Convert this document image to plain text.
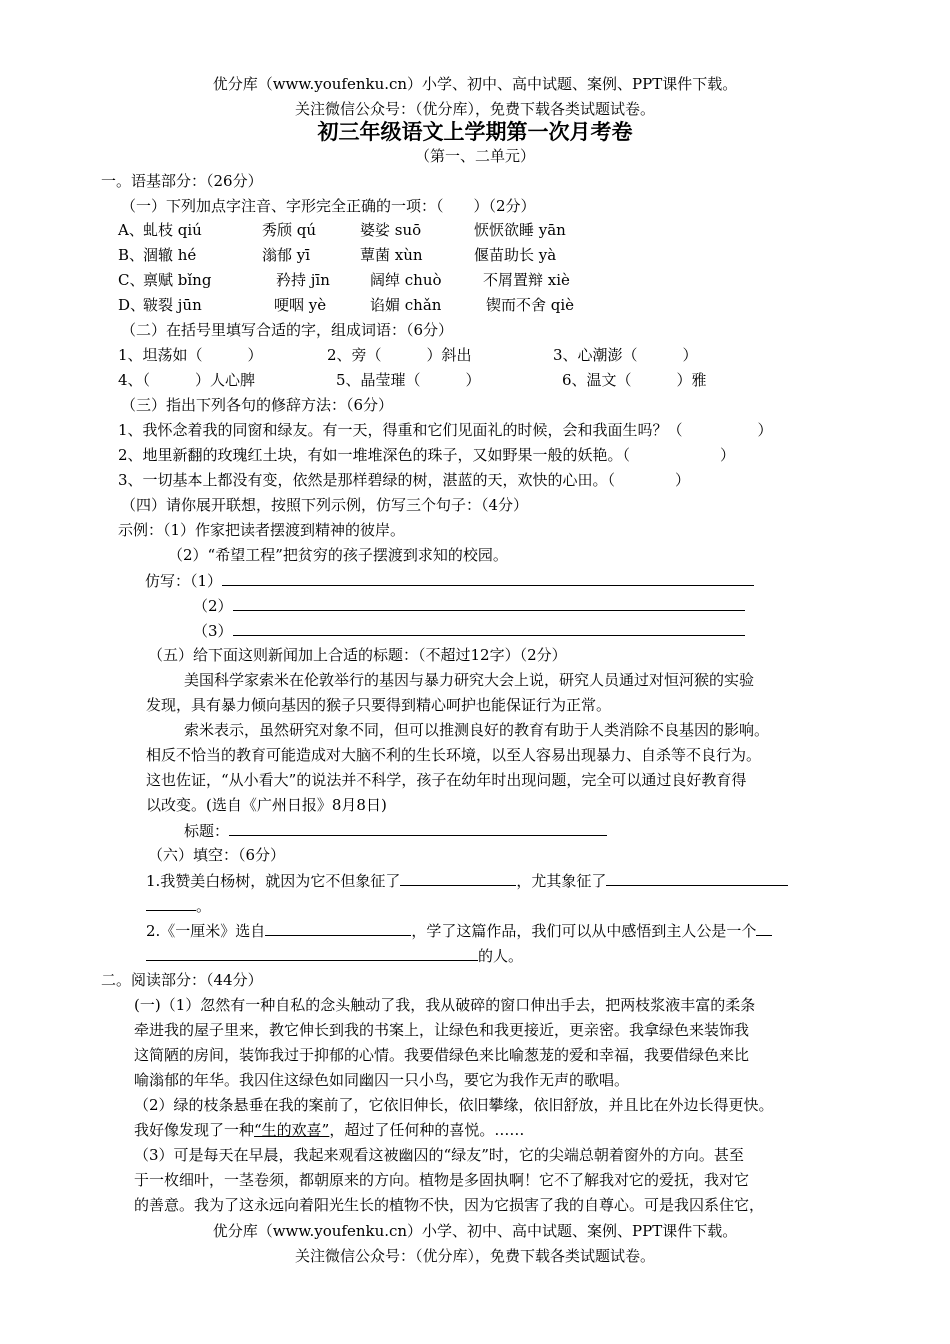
优分库（www.youfenku.cn）小学、初中、高中试题、案例、PPT课件下载。
关注微信公众号：（优分库），免费下载各类试题试卷。
初三年级语文上学期第一次月考卷
（第一、二单元）
一。语基部分：（26分）
（一）下列加点字注音、字形完全正确的一项：（　　）（2分）
A、 虬枝 qiú	秀颀 qú	婆娑 suō	恹恹欲睡 yān
B、
涸辙 hé	滃郁 yī	蕈菌 xùn	偃苗助长 yà
C、
禀赋 bǐng	矜持 jīn	阔绰 chuò	不屑置辩 xiè
D、
皲裂 jūn	哽咽 yè	谄媚 chǎn	锲而不舍 qiè
（二）在括号里填写合适的字，组成词语：（6分）
1、坦荡如（　　　）	2、旁（　　　）斜出	3、心潮澎（　　　）
4、（　　　）人心脾	5、晶莹璀（　　　）	6、温文（　　　）雅
（三）指出下列各句的修辞方法：（6分）
1、我怀念着我的同窗和绿友。有一天，得重和它们见面礼的时候，会和我面生吗？（　　　　　）
2、地里新翻的玫瑰红土块，有如一堆堆深色的珠子，又如野果一般的妖艳。（　　　　　　）
3、一切基本上都没有变，依然是那样碧绿的树，湛蓝的天，欢快的心田。（　　　　）
（四）请你展开联想，按照下列示例，仿写三个句子：（4分）
示例：（1）作家把读者摆渡到精神的彼岸。
（2）“希望工程”把贫穷的孩子摆渡到求知的校园。
仿写：（1）
（2）
（3）
（五）给下面这则新闻加上合适的标题：（不超过12字）（2分）
美国科学家索米在伦敦举行的基因与暴力研究大会上说，研究人员通过对恒河猴的实验
发现，具有暴力倾向基因的猴子只要得到精心呵护也能保证行为正常。
索米表示，虽然研究对象不同，但可以推测良好的教育有助于人类消除不良基因的影响。
相反不恰当的教育可能造成对大脑不利的生长环境，以至人容易出现暴力、自杀等不良行为。
这也佐证，“从小看大”的说法并不科学，孩子在幼年时出现问题，完全可以通过良好教育得
以改变。(选自《广州日报》8月8日)
标题：
（六）填空：（6分）
1.我赞美白杨树，就因为它不但象征了	，尤其象征了
。
2.《一厘米》选自	，学了这篇作品，我们可以从中感悟到主人公是一个
的人。
二。阅读部分：（44分）
(一)（1）忽然有一种自私的念头触动了我，我从破碎的窗口伸出手去，把两枝浆液丰富的柔条
牵进我的屋子里来，教它伸长到我的书案上，让绿色和我更接近，更亲密。我拿绿色来装饰我
这简陋的房间，装饰我过于抑郁的心情。我要借绿色来比喻葱茏的爱和幸福，我要借绿色来比
喻滃郁的年华。我囚住这绿色如同幽囚一只小鸟，要它为我作无声的歌唱。
（2）绿的枝条悬垂在我的案前了，它依旧伸长，依旧攀缘，依旧舒放，并且比在外边长得更快。
我好像发现了一种“生的欢喜”，超过了任何种的喜悦。……
（3）可是每天在早晨，我起来观看这被幽囚的“绿友”时，它的尖端总朝着窗外的方向。甚至
于一枚细叶，一茎卷须，都朝原来的方向。植物是多固执啊！它不了解我对它的爱抚，我对它
的善意。我为了这永远向着阳光生长的植物不快，因为它损害了我的自尊心。可是我囚系住它，
优分库（www.youfenku.cn）小学、初中、高中试题、案例、PPT课件下载。
关注微信公众号：（优分库），免费下载各类试题试卷。
